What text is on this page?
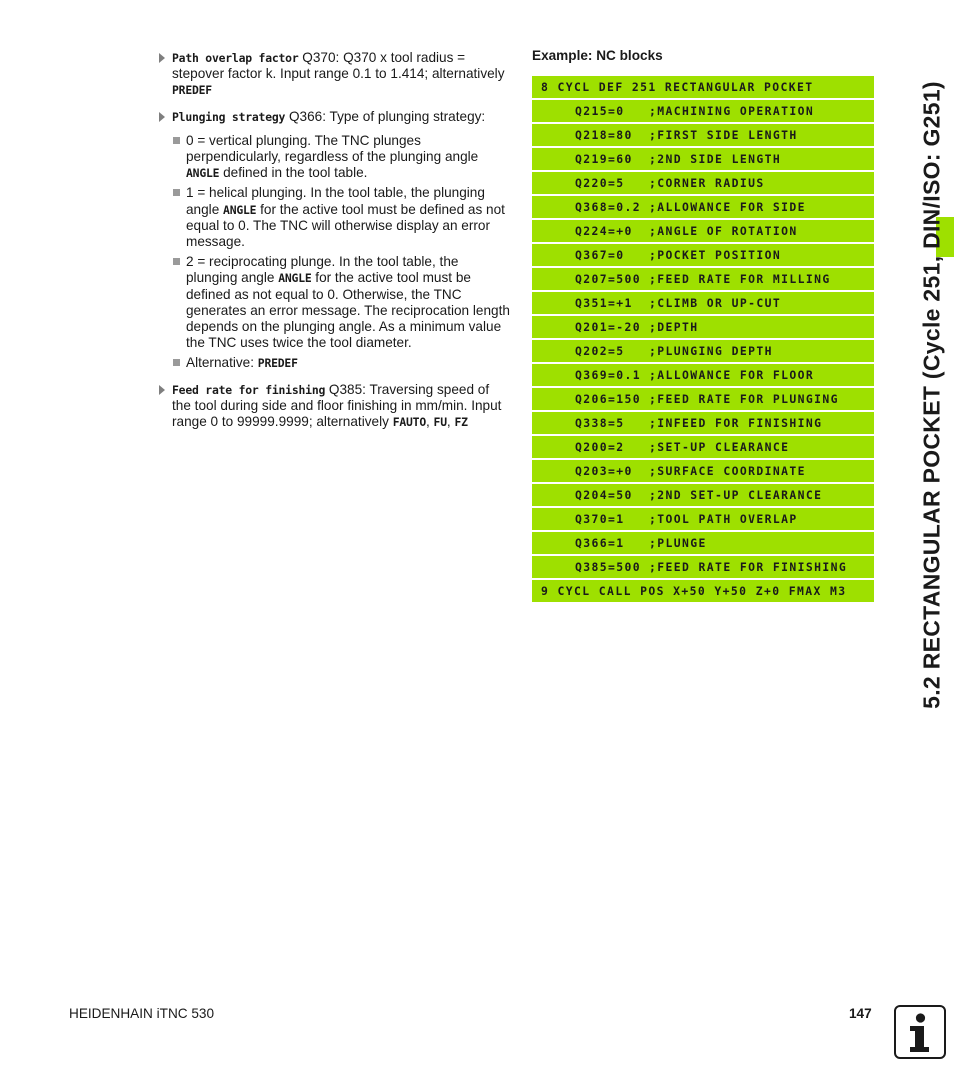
Path overlap factor Q370: Q370 x tool radius = stepover factor k. Input range 0.1 to 1.414; alternatively PREDEF
Plunging strategy Q366: Type of plunging strategy:
0 = vertical plunging. The TNC plunges perpendicularly, regardless of the plunging angle ANGLE defined in the tool table.
1 = helical plunging. In the tool table, the plunging angle ANGLE for the active tool must be defined as not equal to 0. The TNC will otherwise display an error message.
2 = reciprocating plunge. In the tool table, the plunging angle ANGLE for the active tool must be defined as not equal to 0. Otherwise, the TNC generates an error message. The reciprocation length depends on the plunging angle. As a minimum value the TNC uses twice the tool diameter.
Alternative: PREDEF
Feed rate for finishing Q385: Traversing speed of the tool during side and floor finishing in mm/min. Input range 0 to 99999.9999; alternatively FAUTO, FU, FZ
Example: NC blocks
8 CYCL DEF 251 RECTANGULAR POCKET
Q215=0	;MACHINING OPERATION
Q218=80	;FIRST SIDE LENGTH
Q219=60	;2ND SIDE LENGTH
Q220=5	;CORNER RADIUS
Q368=0.2 ;ALLOWANCE FOR SIDE
Q224=+0	;ANGLE OF ROTATION
Q367=0	;POCKET POSITION
Q207=500 ;FEED RATE FOR MILLING
Q351=+1	;CLIMB OR UP-CUT
Q201=-20 ;DEPTH
Q202=5	;PLUNGING DEPTH
Q369=0.1 ;ALLOWANCE FOR FLOOR
Q206=150 ;FEED RATE FOR PLUNGING
Q338=5	;INFEED FOR FINISHING
Q200=2	;SET-UP CLEARANCE
Q203=+0	;SURFACE COORDINATE
Q204=50	;2ND SET-UP CLEARANCE
Q370=1	;TOOL PATH OVERLAP
Q366=1	;PLUNGE
Q385=500 ;FEED RATE FOR FINISHING
9 CYCL CALL POS X+50 Y+50 Z+0 FMAX M3	5.2 RECTANGULAR POCKET (Cycle 251, DIN/ISO: G251)
HEIDENHAIN iTNC 530	147
